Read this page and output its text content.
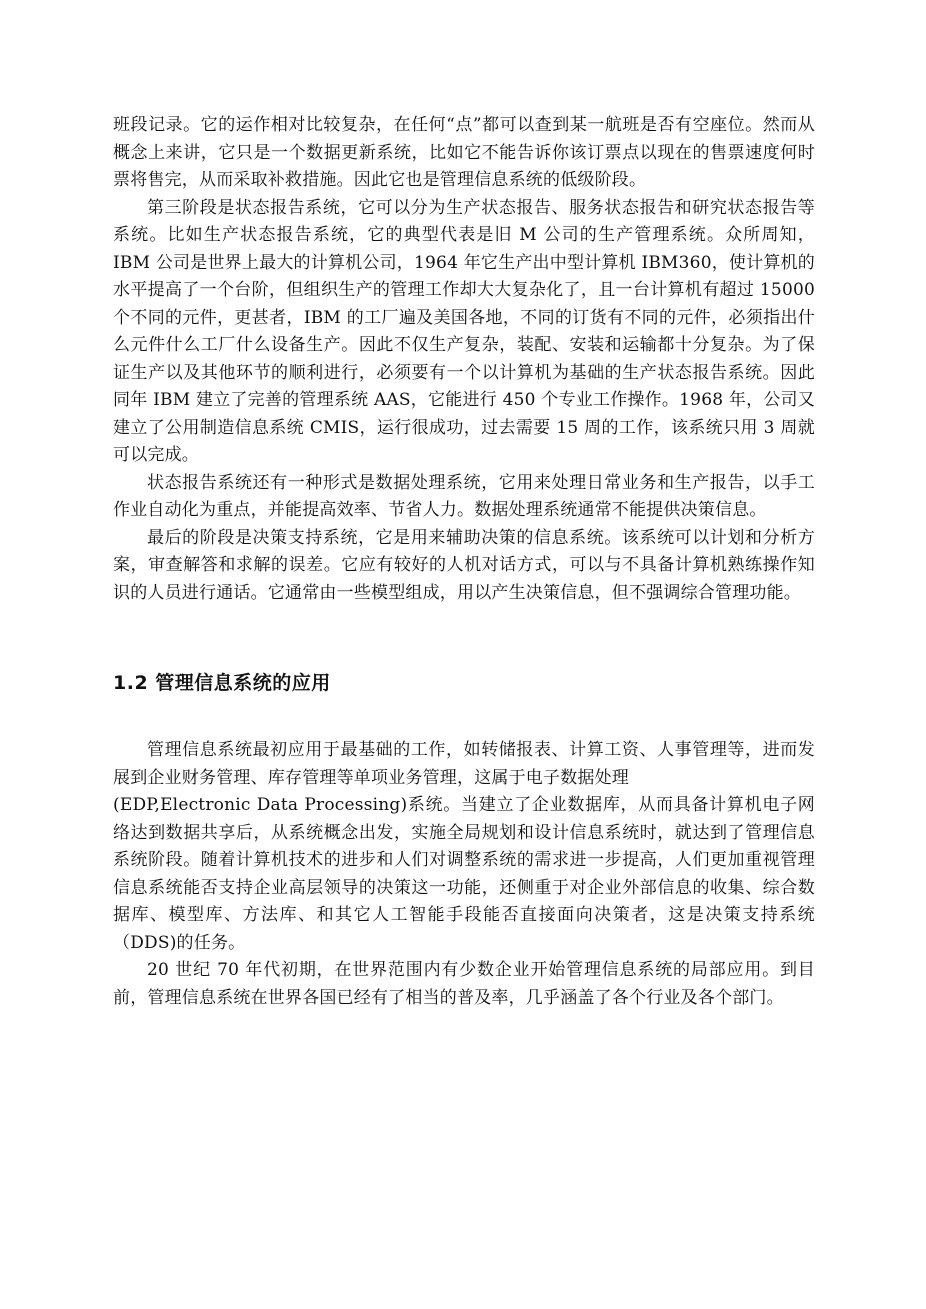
班段记录。它的运作相对比较复杂，在任何“点”都可以查到某一航班是否有空座位。然而从概念上来讲，它只是一个数据更新系统，比如它不能告诉你该订票点以现在的售票速度何时票将售完，从而采取补救措施。因此它也是管理信息系统的低级阶段。

第三阶段是状态报告系统，它可以分为生产状态报告、服务状态报告和研究状态报告等系统。比如生产状态报告系统，它的典型代表是旧 M 公司的生产管理系统。众所周知，IBM 公司是世界上最大的计算机公司，1964 年它生产出中型计算机 IBM360，使计算机的水平提高了一个台阶，但组织生产的管理工作却大大复杂化了，且一台计算机有超过 15000 个不同的元件，更甚者，IBM 的工厂遍及美国各地，不同的订货有不同的元件，必须指出什么元件什么工厂什么设备生产。因此不仅生产复杂，装配、安装和运输都十分复杂。为了保证生产以及其他环节的顺利进行，必须要有一个以计算机为基础的生产状态报告系统。因此同年 IBM 建立了完善的管理系统 AAS，它能进行 450 个专业工作操作。1968 年，公司又建立了公用制造信息系统 CMIS，运行很成功，过去需要 15 周的工作，该系统只用 3 周就可以完成。

状态报告系统还有一种形式是数据处理系统，它用来处理日常业务和生产报告，以手工作业自动化为重点，并能提高效率、节省人力。数据处理系统通常不能提供决策信息。

最后的阶段是决策支持系统，它是用来辅助决策的信息系统。该系统可以计划和分析方案，审查解答和求解的误差。它应有较好的人机对话方式，可以与不具备计算机熟练操作知识的人员进行通话。它通常由一些模型组成，用以产生决策信息，但不强调综合管理功能。

1.2 管理信息系统的应用

管理信息系统最初应用于最基础的工作，如转储报表、计算工资、人事管理等，进而发展到企业财务管理、库存管理等单项业务管理，这属于电子数据处理

(EDP,Electronic Data Processing)系统。当建立了企业数据库，从而具备计算机电子网络达到数据共享后，从系统概念出发，实施全局规划和设计信息系统时，就达到了管理信息系统阶段。随着计算机技术的进步和人们对调整系统的需求进一步提高，人们更加重视管理信息系统能否支持企业高层领导的决策这一功能，还侧重于对企业外部信息的收集、综合数据库、模型库、方法库、和其它人工智能手段能否直接面向决策者，这是决策支持系统（DDS)的任务。

20 世纪 70 年代初期，在世界范围内有少数企业开始管理信息系统的局部应用。到目前，管理信息系统在世界各国已经有了相当的普及率，几乎涵盖了各个行业及各个部门。
